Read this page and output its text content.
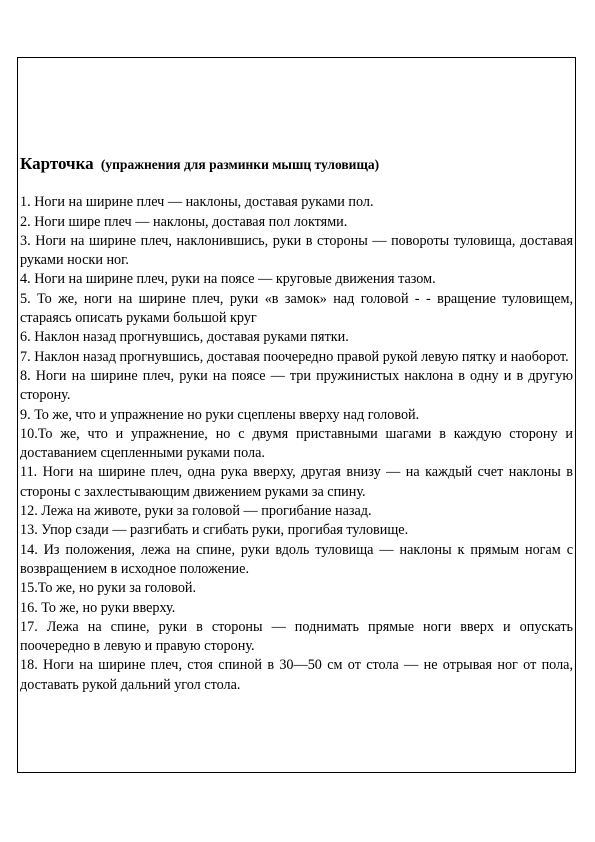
Карточка (упражнения для разминки мышц туловища)

1. Ноги на ширине плеч — наклоны, доставая руками пол.

2. Ноги шире плеч — наклоны, доставая пол локтями.

3. Ноги на ширине плеч, наклонившись, руки в стороны — повороты туловища, доставая руками носки ног.

4. Ноги на ширине плеч, руки на поясе — круговые движения тазом.

5. То же, ноги на ширине плеч, руки «в замок» над головой - - вращение туловищем, стараясь описать руками большой круг

6. Наклон назад прогнувшись, доставая руками пятки.

7. Наклон назад прогнувшись, доставая поочередно правой рукой левую пятку и наоборот.

8. Ноги на ширине плеч, руки на поясе — три пружинистых наклона в одну и в другую сторону.

9. То же, что и упражнение но руки сцеплены вверху над головой.

10.То же, что и упражнение, но с двумя приставными шагами в каждую сторону и доставанием сцепленными руками пола.

11. Ноги на ширине плеч, одна рука вверху, другая внизу — на каждый счет наклоны в стороны с захлестывающим движением руками за спину.

12. Лежа на животе, руки за головой — прогибание назад.

13. Упор сзади — разгибать и сгибать руки, прогибая туловище.

14. Из положения, лежа на спине, руки вдоль туловища — наклоны к прямым ногам с возвращением в исходное положение.

15.То же, но руки за головой.

16. То же, но руки вверху.

17. Лежа на спине, руки в стороны — поднимать прямые ноги вверх и опускать поочередно в левую и правую сторону.

18. Ноги на ширине плеч, стоя спиной в 30—50 см от стола — не отрывая ног от пола, доставать рукой дальний угол стола.
